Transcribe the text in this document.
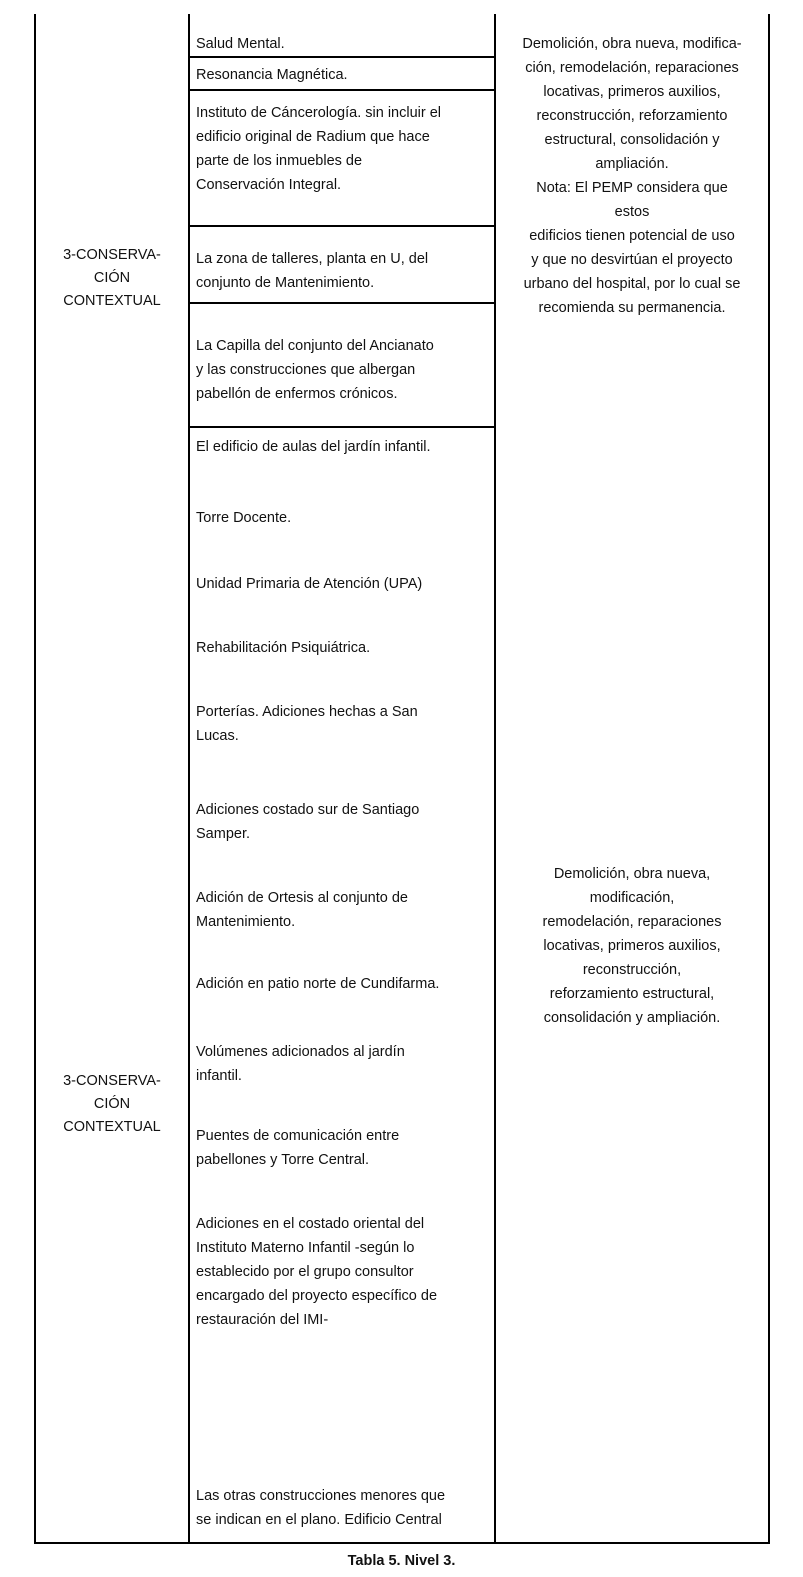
3-CONSERVA-
CIÓN
CONTEXTUAL
3-CONSERVA-
CIÓN
CONTEXTUAL
Salud Mental.
Resonancia Magnética.
Instituto de Cáncerología. sin incluir el
edificio original de Radium que hace
parte de los inmuebles de
Conservación Integral.
La zona de talleres, planta en U, del
conjunto de Mantenimiento.
La Capilla del conjunto del Ancianato
y las construcciones que albergan
pabellón de enfermos crónicos.
El edificio de aulas del jardín infantil.
Torre Docente.
Unidad Primaria de Atención (UPA)
Rehabilitación Psiquiátrica.
Porterías. Adiciones hechas a San
Lucas.
Adiciones costado sur de Santiago
Samper.
Adición de Ortesis al conjunto de
Mantenimiento.
Adición en patio norte de Cundifarma.
Volúmenes adicionados al jardín
infantil.
Puentes de comunicación entre
pabellones y Torre Central.
Adiciones en el costado oriental del
Instituto Materno Infantil -según lo
establecido por el grupo consultor
encargado del proyecto específico de
restauración del IMI-
Las otras construcciones menores que
se indican en el plano. Edificio Central
Demolición, obra nueva, modifica-
ción, remodelación, reparaciones
locativas, primeros auxilios,
reconstrucción, reforzamiento
estructural, consolidación y
ampliación.
Nota: El PEMP considera que
estos
edificios tienen potencial de uso
y que no desvirtúan el proyecto
urbano del hospital, por lo cual se
recomienda su permanencia.
Demolición, obra nueva,
modificación,
remodelación, reparaciones
locativas, primeros auxilios,
reconstrucción,
reforzamiento estructural,
consolidación y ampliación.
Tabla 5. Nivel 3.
